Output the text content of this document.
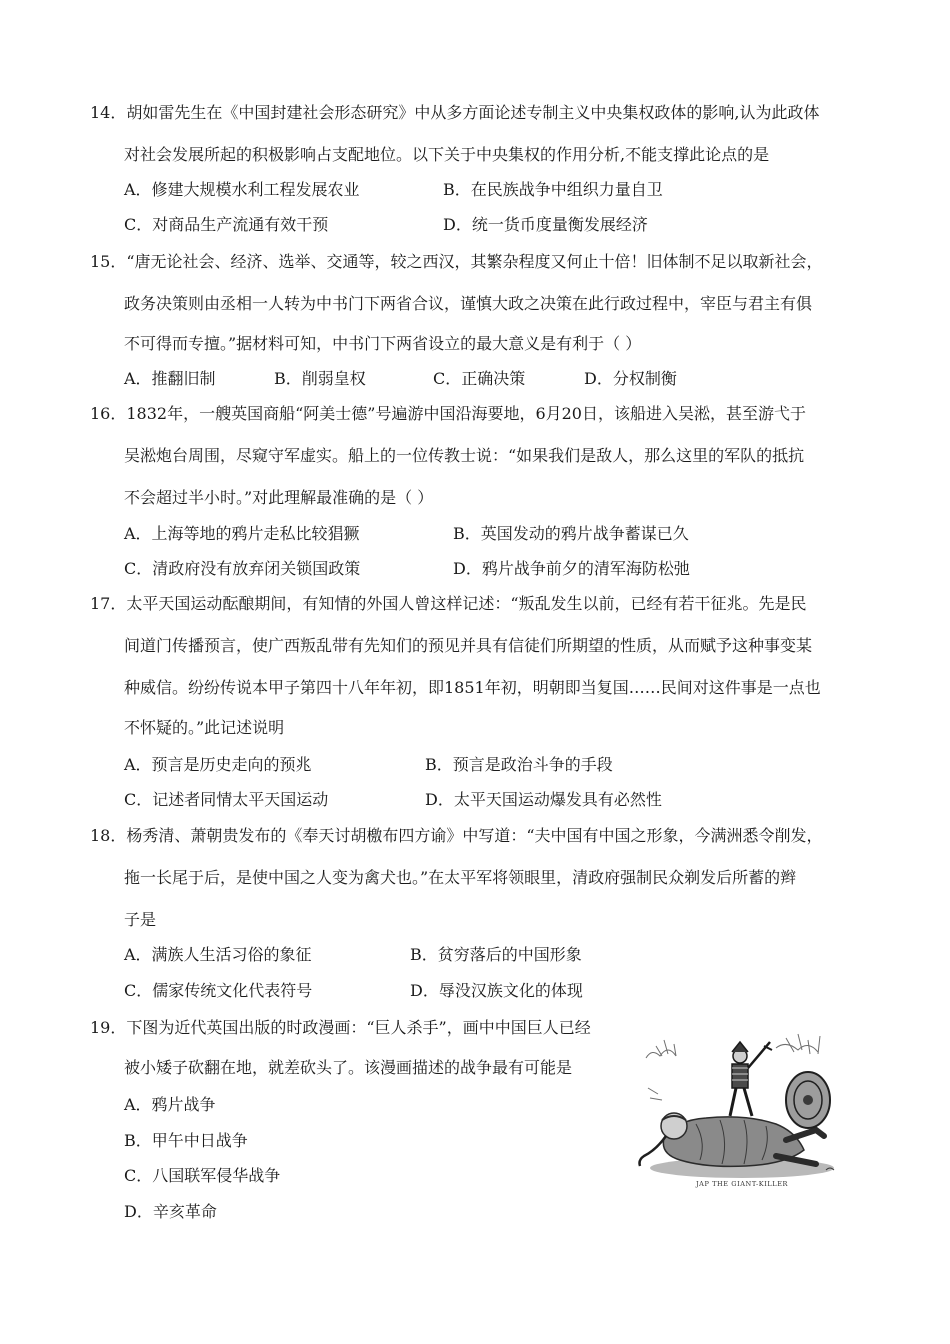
14．胡如雷先生在《中国封建社会形态研究》中从多方面论述专制主义中央集权政体的影响,认为此政体
对社会发展所起的积极影响占支配地位。以下关于中央集权的作用分析,不能支撑此论点的是
A．修建大规模水利工程发展农业	B．在民族战争中组织力量自卫
C．对商品生产流通有效干预	D．统一货币度量衡发展经济
15．“唐无论社会、经济、选举、交通等，较之西汉，其繁杂程度又何止十倍！旧体制不足以取新社会，
政务决策则由丞相一人转为中书门下两省合议，谨慎大政之决策在此行政过程中，宰臣与君主有俱
不可得而专擅。”据材料可知，中书门下两省设立的最大意义是有利于（ ）
A．推翻旧制	B．削弱皇权	C．正确决策	D．分权制衡
16．1832年，一艘英国商船“阿美士德”号遍游中国沿海要地，6月20日，该船进入吴淞，甚至游弋于
吴淞炮台周围，尽窥守军虚实。船上的一位传教士说：“如果我们是敌人，那么这里的军队的抵抗
不会超过半小时。”对此理解最准确的是（ ）
A．上海等地的鸦片走私比较猖獗	B．英国发动的鸦片战争蓄谋已久
C．清政府没有放弃闭关锁国政策	D．鸦片战争前夕的清军海防松弛
17．太平天国运动酝酿期间，有知情的外国人曾这样记述：“叛乱发生以前，已经有若干征兆。先是民
间道门传播预言，使广西叛乱带有先知们的预见并具有信徒们所期望的性质，从而赋予这种事变某
种威信。纷纷传说本甲子第四十八年年初，即1851年初，明朝即当复国……民间对这件事是一点也
不怀疑的。”此记述说明
A．预言是历史走向的预兆	B．预言是政治斗争的手段
C．记述者同情太平天国运动	D．太平天国运动爆发具有必然性
18．杨秀清、萧朝贵发布的《奉天讨胡檄布四方谕》中写道：“夫中国有中国之形象，今满洲悉令削发，
拖一长尾于后，是使中国之人变为禽犬也。”在太平军将领眼里，清政府强制民众剃发后所蓄的辫
子是
A．满族人生活习俗的象征	B．贫穷落后的中国形象
C．儒家传统文化代表符号	D．辱没汉族文化的体现
19．下图为近代英国出版的时政漫画：“巨人杀手”，画中中国巨人已经
被小矮子砍翻在地，就差砍头了。该漫画描述的战争最有可能是
A．鸦片战争
B．甲午中日战争
C．八国联军侵华战争
D．辛亥革命
JAP THE GIANT-KILLER
